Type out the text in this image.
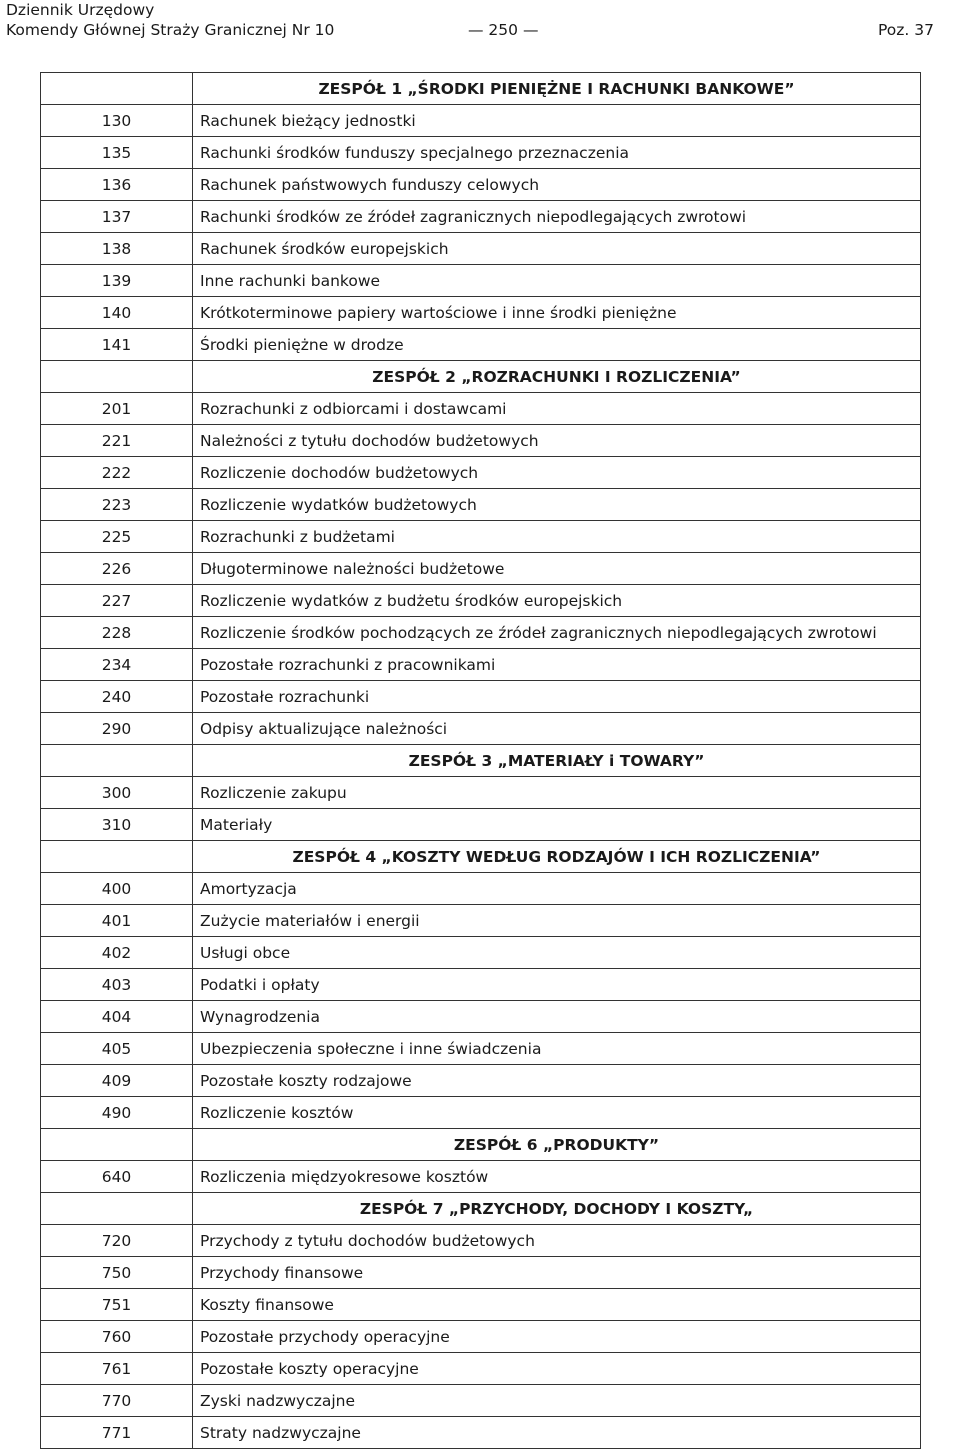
Dziennik Urzędowy
Komendy Głównej Straży Granicznej Nr 10	— 250 —	Poz. 37
	ZESPÓŁ 1 „ŚRODKI PIENIĘŻNE I RACHUNKI BANKOWE”
130	Rachunek bieżący jednostki
135	Rachunki środków funduszy specjalnego przeznaczenia
136	Rachunek państwowych funduszy celowych
137	Rachunki środków ze źródeł zagranicznych niepodlegających zwrotowi
138	Rachunek środków europejskich
139	Inne rachunki bankowe
140	Krótkoterminowe papiery wartościowe i inne środki pieniężne
141	Środki pieniężne w drodze
	ZESPÓŁ 2 „ROZRACHUNKI I ROZLICZENIA”
201	Rozrachunki z odbiorcami i dostawcami
221	Należności z tytułu dochodów budżetowych
222	Rozliczenie dochodów budżetowych
223	Rozliczenie wydatków budżetowych
225	Rozrachunki z budżetami
226	Długoterminowe należności budżetowe
227	Rozliczenie wydatków z budżetu środków europejskich
228	Rozliczenie środków pochodzących ze źródeł zagranicznych niepodlegających zwrotowi
234	Pozostałe rozrachunki z pracownikami
240	Pozostałe rozrachunki
290	Odpisy aktualizujące należności
	ZESPÓŁ 3 „MATERIAŁY i TOWARY”
300	Rozliczenie zakupu
310	Materiały
	ZESPÓŁ 4 „KOSZTY WEDŁUG RODZAJÓW I ICH ROZLICZENIA”
400	Amortyzacja
401	Zużycie materiałów i energii
402	Usługi obce
403	Podatki i opłaty
404	Wynagrodzenia
405	Ubezpieczenia społeczne i inne świadczenia
409	Pozostałe koszty rodzajowe
490	Rozliczenie kosztów
	ZESPÓŁ 6 „PRODUKTY”
640	Rozliczenia międzyokresowe kosztów
	ZESPÓŁ 7 „PRZYCHODY, DOCHODY I KOSZTY„
720	Przychody z tytułu dochodów budżetowych
750	Przychody finansowe
751	Koszty finansowe
760	Pozostałe przychody operacyjne
761	Pozostałe koszty operacyjne
770	Zyski nadzwyczajne
771	Straty nadzwyczajne
